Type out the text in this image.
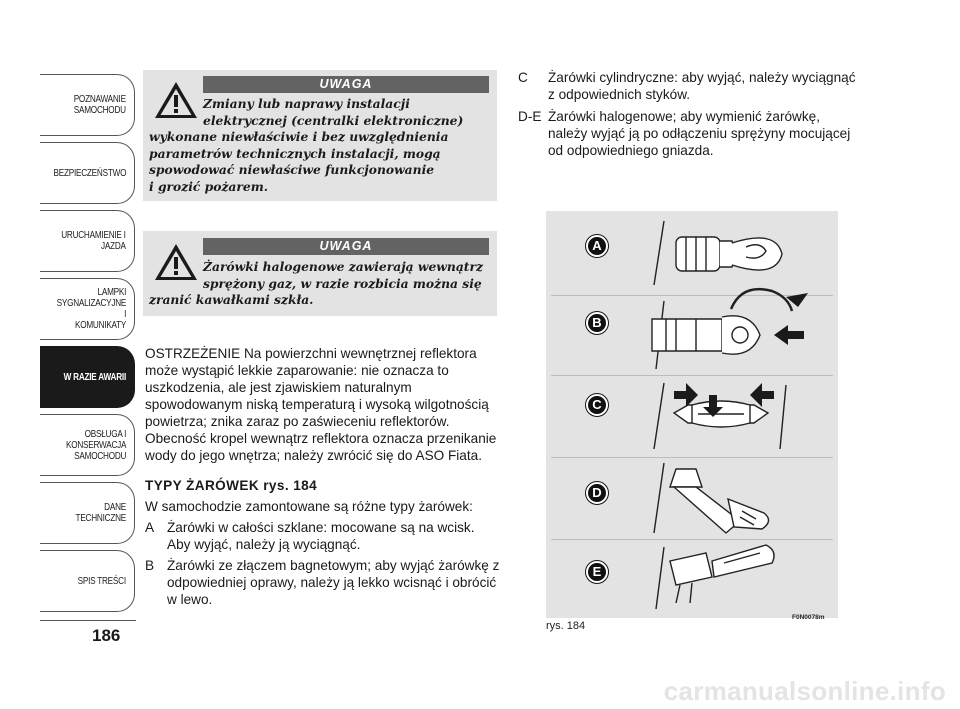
POZNAWANIE
SAMOCHODU
BEZPIECZEŃSTWO
URUCHAMIENIE I
JAZDA
LAMPKI
SYGNALIZACYJNE I
KOMUNIKATY
W RAZIE AWARII
OBSŁUGA I
KONSERWACJA
SAMOCHODU
DANE TECHNICZNE
SPIS TREŚCI
186
UWAGA
Zmiany lub naprawy instalacji
elektrycznej (centralki elektroniczne)
wykonane niewłaściwie i bez uwzględnienia
parametrów technicznych instalacji, mogą
spowodować niewłaściwe funkcjonowanie
i grozić pożarem.
UWAGA
Żarówki halogenowe zawierają wewnątrz
sprężony gaz, w razie rozbicia można się
zranić kawałkami szkła.

OSTRZEŻENIE Na powierzchni wewnętrznej reflektora może wystąpić lekkie zaparowanie: nie oznacza to uszkodzenia, ale jest zjawiskiem naturalnym spowodowanym niską temperaturą i wysoką wilgotnością powietrza; znika zaraz po zaświeceniu reflektorów. Obecność kropel wewnątrz reflektora oznacza przenikanie wody do jego wnętrza; należy zwrócić się do ASO Fiata.

TYPY ŻARÓWEK rys. 184

W samochodzie zamontowane są różne typy żarówek:

A Żarówki w całości szklane: mocowane są na wcisk. Aby wyjąć, należy ją wyciągnąć.
B Żarówki ze złączem bagnetowym; aby wyjąć żarówkę z odpowiedniej oprawy, należy ją lekko wcisnąć i obrócić w lewo.
C	Żarówki cylindryczne: aby wyjąć, należy wyciągnąć z odpowiednich styków.
D-E Żarówki halogenowe; aby wymienić żarówkę, należy wyjąć ją po odłączeniu sprężyny mocującej od odpowiedniego gniazda.
A
B
C
D
E
F0N0078m
rys. 184
carmanualsonline.info
